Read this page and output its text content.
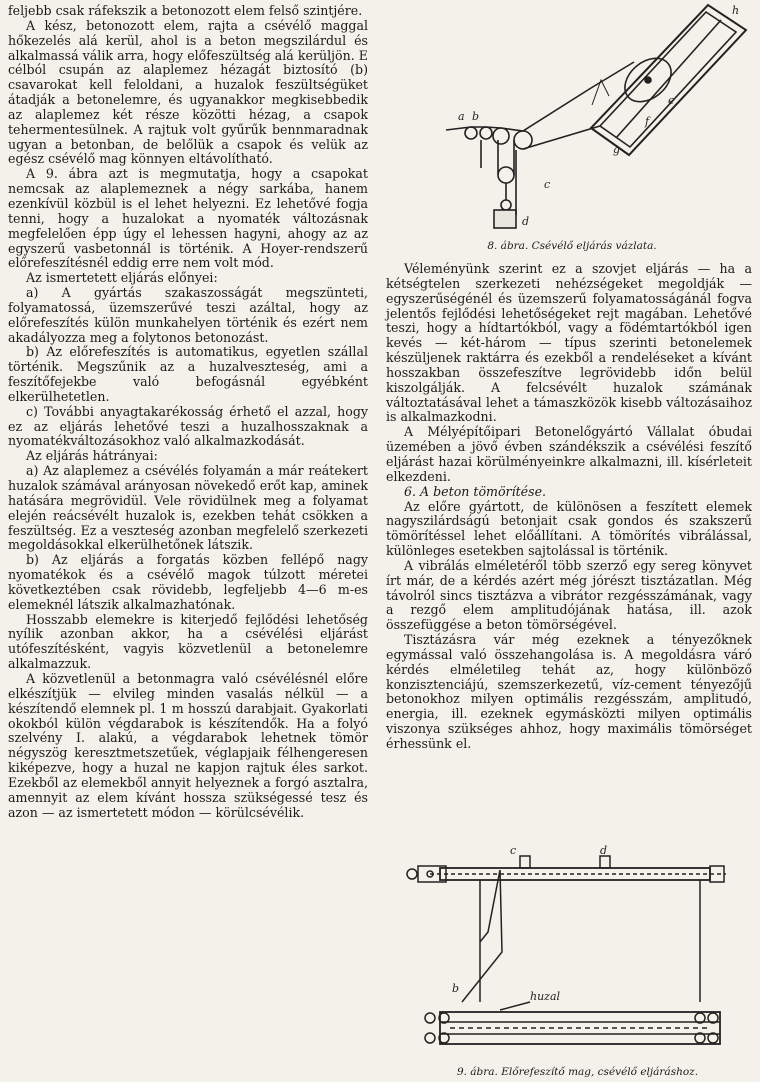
feljebb csak ráfekszik a betonozott elem felső szintjére.

A kész, betonozott elem, rajta a csévélő maggal hőkezelés alá kerül, ahol is a beton megszilárdul és alkalmassá válik arra, hogy előfeszültség alá kerüljön. E célból csupán az alaplemez hézagát biztosító (b) csavarokat kell feloldani, a huzalok feszültségüket átadják a betonelemre, és ugyanakkor megkisebbedik az alaplemez két része közötti hézag, a csapok tehermentesülnek. A rajtuk volt gyűrűk bennmaradnak ugyan a betonban, de belőlük a csapok és velük az egész csévélő mag könnyen eltávolítható.

A 9. ábra azt is megmutatja, hogy a csapokat nemcsak az alaplemeznek a négy sarkába, hanem ezenkívül közbül is el lehet helyezni. Ez lehetővé fogja tenni, hogy a huzalokat a nyomaték változásnak megfelelően épp úgy el lehessen hagyni, ahogy az az egyszerű vasbetonnál is történik. A Hoyer-rendszerű előrefeszítésnél eddig erre nem volt mód.

Az ismertetett eljárás előnyei:

a) A gyártás szakaszosságát megszünteti, folyamatossá, üzemszerűvé teszi azáltal, hogy az előrefeszítés külön munkahelyen történik és ezért nem akadályozza meg a folytonos betonozást.

b) Az előrefeszítés is automatikus, egyetlen szállal történik. Megszűnik az a huzalveszteség, ami a feszítőfejekbe való befogásnál egyébként elkerülhetetlen.

c) További anyagtakarékosság érhető el azzal, hogy ez az eljárás lehetővé teszi a huzalhosszaknak a nyomatékváltozásokhoz való alkalmazkodását.

Az eljárás hátrányai:

a) Az alaplemez a csévélés folyamán a már reátekert huzalok számával arányosan növekedő erőt kap, aminek hatására megrövidül. Vele rövidülnek meg a folyamat elején reácsévélt huzalok is, ezekben tehát csökken a feszültség. Ez a veszteség azonban megfelelő szerkezeti megoldásokkal elkerülhetőnek látszik.

b) Az eljárás a forgatás közben fellépő nagy nyomatékok és a csévélő magok túlzott méretei következtében csak rövidebb, legfeljebb 4—6 m-es elemeknél látszik alkalmazhatónak.

Hosszabb elemekre is kiterjedő fejlődési lehetőség nyílik azonban akkor, ha a csévélési eljárást utófeszítésként, vagyis közvetlenül a betonelemre alkalmazzuk.

A közvetlenül a betonmagra való csévélésnél előre elkészítjük — elvileg minden vasalás nélkül — a készítendő elemnek pl. 1 m hosszú darabjait. Gyakorlati okokból külön végdarabok is készítendők. Ha a folyó szelvény I. alakú, a végdarabok lehetnek tömör négyszög keresztmetszetűek, véglapjaik félhengeresen kiképezve, hogy a huzal ne kapjon rajtuk éles sarkot. Ezekből az elemekből annyit helyeznek a forgó asztalra, amennyit az elem kívánt hossza szükségessé tesz és azon — az ismertetett módon — körülcsévélik.

h
g
e
f
a b
c
d
8. ábra. Csévélő eljárás vázlata.

Véleményünk szerint ez a szovjet eljárás — ha a kétségtelen szerkezeti nehézségeket megoldják — egyszerűségénél és üzemszerű folyamatosságánál fogva jelentős fejlődési lehetőségeket rejt magában. Lehetővé teszi, hogy a hídtartókból, vagy a födémtartókból igen kevés — két-három — típus szerinti betonelemek készüljenek raktárra és ezekből a rendeléseket a kívánt hosszakban összefeszítve legrövidebb időn belül kiszolgálják. A felcsévélt huzalok számának változtatásával lehet a támaszközök kisebb változásaihoz is alkalmazkodni.

A Mélyépítőipari Betonelőgyártó Vállalat óbudai üzemében a jövő évben szándékszik a csévélési feszítő eljárást hazai körülményeinkre alkalmazni, ill. kísérleteit elkezdeni.

6. A beton tömörítése.

Az előre gyártott, de különösen a feszített elemek nagyszilárdságú betonjait csak gondos és szakszerű tömörítéssel lehet előállítani. A tömörítés vibrálással, különleges esetekben sajtolással is történik.

A vibrálás elméletéről több szerző egy sereg könyvet írt már, de a kérdés azért még jórészt tisztázatlan. Még távolról sincs tisztázva a vibrátor rezgésszámának, vagy a rezgő elem amplitudójának hatása, ill. azok összefüggése a beton tömörségével.

Tisztázásra vár még ezeknek a tényezőknek egymással való összehangolása is. A megoldásra váró kérdés elméletileg tehát az, hogy különböző konzisztenciájú, szemszerkezetű, víz-cement tényezőjű betonokhoz milyen optimális rezgésszám, amplitudó, energia, ill. ezeknek egymásközti milyen optimális viszonya szükséges ahhoz, hogy maximális tömörséget érhessünk el.

c	d
b
huzal
9. ábra. Előrefeszítő mag, csévélő eljáráshoz.
